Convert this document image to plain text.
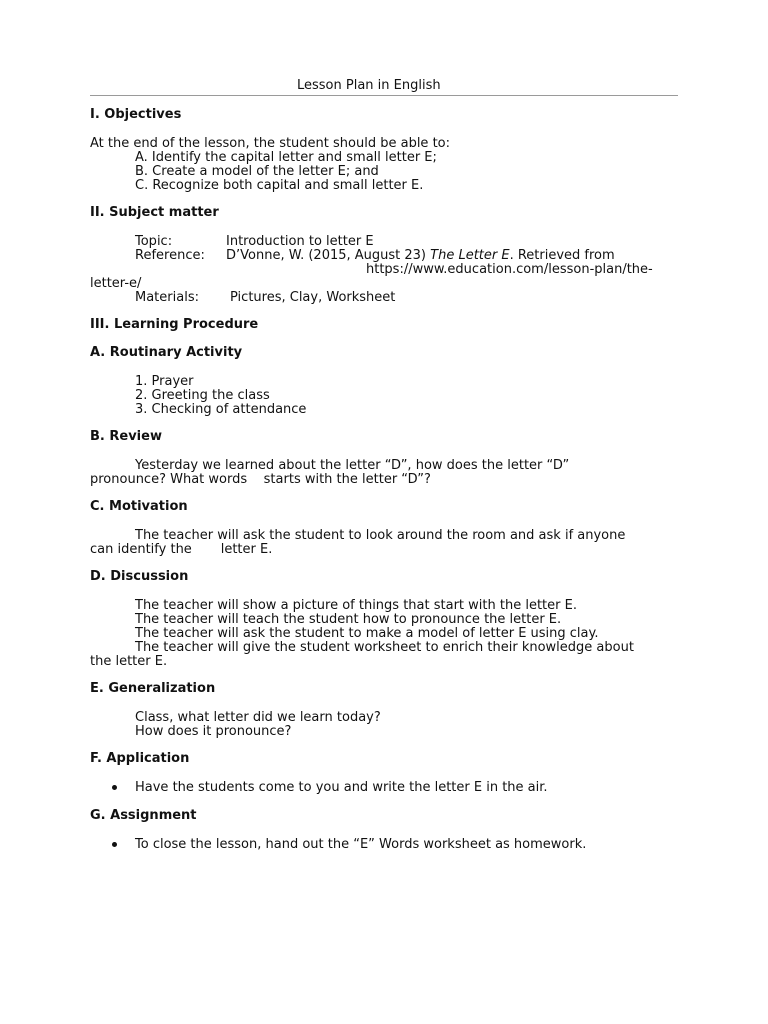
Lesson Plan in English
I. Objectives
At the end of the lesson, the student should be able to:
A. Identify the capital letter and small letter E;
B. Create a model of the letter E; and
C. Recognize both capital and small letter E.
II. Subject matter
Topic:	Introduction to letter E
Reference: D’Vonne, W. (2015, August 23) The Letter E. Retrieved from
https://www.education.com/lesson-plan/the-
letter-e/
Materials: Pictures, Clay, Worksheet
III. Learning Procedure
A. Routinary Activity
1. Prayer
2. Greeting the class
3. Checking of attendance
B. Review
Yesterday we learned about the letter “D”, how does the letter “D”
pronounce? What words    starts with the letter “D”?
C. Motivation
The teacher will ask the student to look around the room and ask if anyone
can identify the       letter E.
D. Discussion
The teacher will show a picture of things that start with the letter E.
The teacher will teach the student how to pronounce the letter E.
The teacher will ask the student to make a model of letter E using clay.
The teacher will give the student worksheet to enrich their knowledge about
the letter E.
E. Generalization
Class, what letter did we learn today?
How does it pronounce?
F. Application
Have the students come to you and write the letter E in the air.
G. Assignment
To close the lesson, hand out the “E” Words worksheet as homework.
